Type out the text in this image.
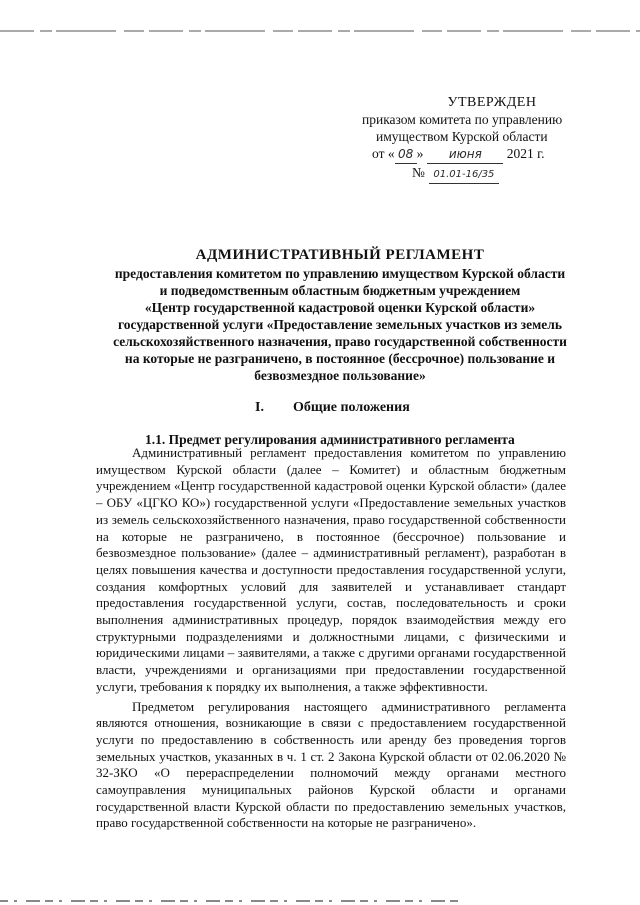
УТВЕРЖДЕН
приказом комитета по управлению
имуществом Курской области
от « 08 » июня 2021 г.
№ 01.01-16/35
АДМИНИСТРАТИВНЫЙ РЕГЛАМЕНТ
предоставления комитетом по управлению имуществом Курской области
и подведомственным областным бюджетным учреждением
«Центр государственной кадастровой оценки Курской области»
государственной услуги «Предоставление земельных участков из земель
сельскохозяйственного назначения, право государственной собственности
на которые не разграничено, в постоянное (бессрочное) пользование и
безвозмездное пользование»
I. Общие положения
1.1. Предмет регулирования административного регламента

Административный регламент предоставления комитетом по управлению имуществом Курской области (далее – Комитет) и областным бюджетным учреждением «Центр государственной кадастровой оценки Курской области» (далее – ОБУ «ЦГКО КО») государственной услуги «Предоставление земельных участков из земель сельскохозяйственного назначения, право государственной собственности на которые не разграничено, в постоянное (бессрочное) пользование и безвозмездное пользование» (далее – административный регламент), разработан в целях повышения качества и доступности предоставления государственной услуги, создания комфортных условий для заявителей и устанавливает стандарт предоставления государственной услуги, состав, последовательность и сроки выполнения административных процедур, порядок взаимодействия между его структурными подразделениями и должностными лицами, с физическими и юридическими лицами – заявителями, а также с другими органами государственной власти, учреждениями и организациями при предоставлении государственной услуги, требования к порядку их выполнения, а также эффективности.

Предметом регулирования настоящего административного регламента являются отношения, возникающие в связи с предоставлением государственной услуги по предоставлению в собственность или аренду без проведения торгов земельных участков, указанных в ч. 1 ст. 2 Закона Курской области от 02.06.2020 № 32-ЗКО «О перераспределении полномочий между органами местного самоуправления муниципальных районов Курской области и органами государственной власти Курской области по предоставлению земельных участков, право государственной собственности на которые не разграничено».
